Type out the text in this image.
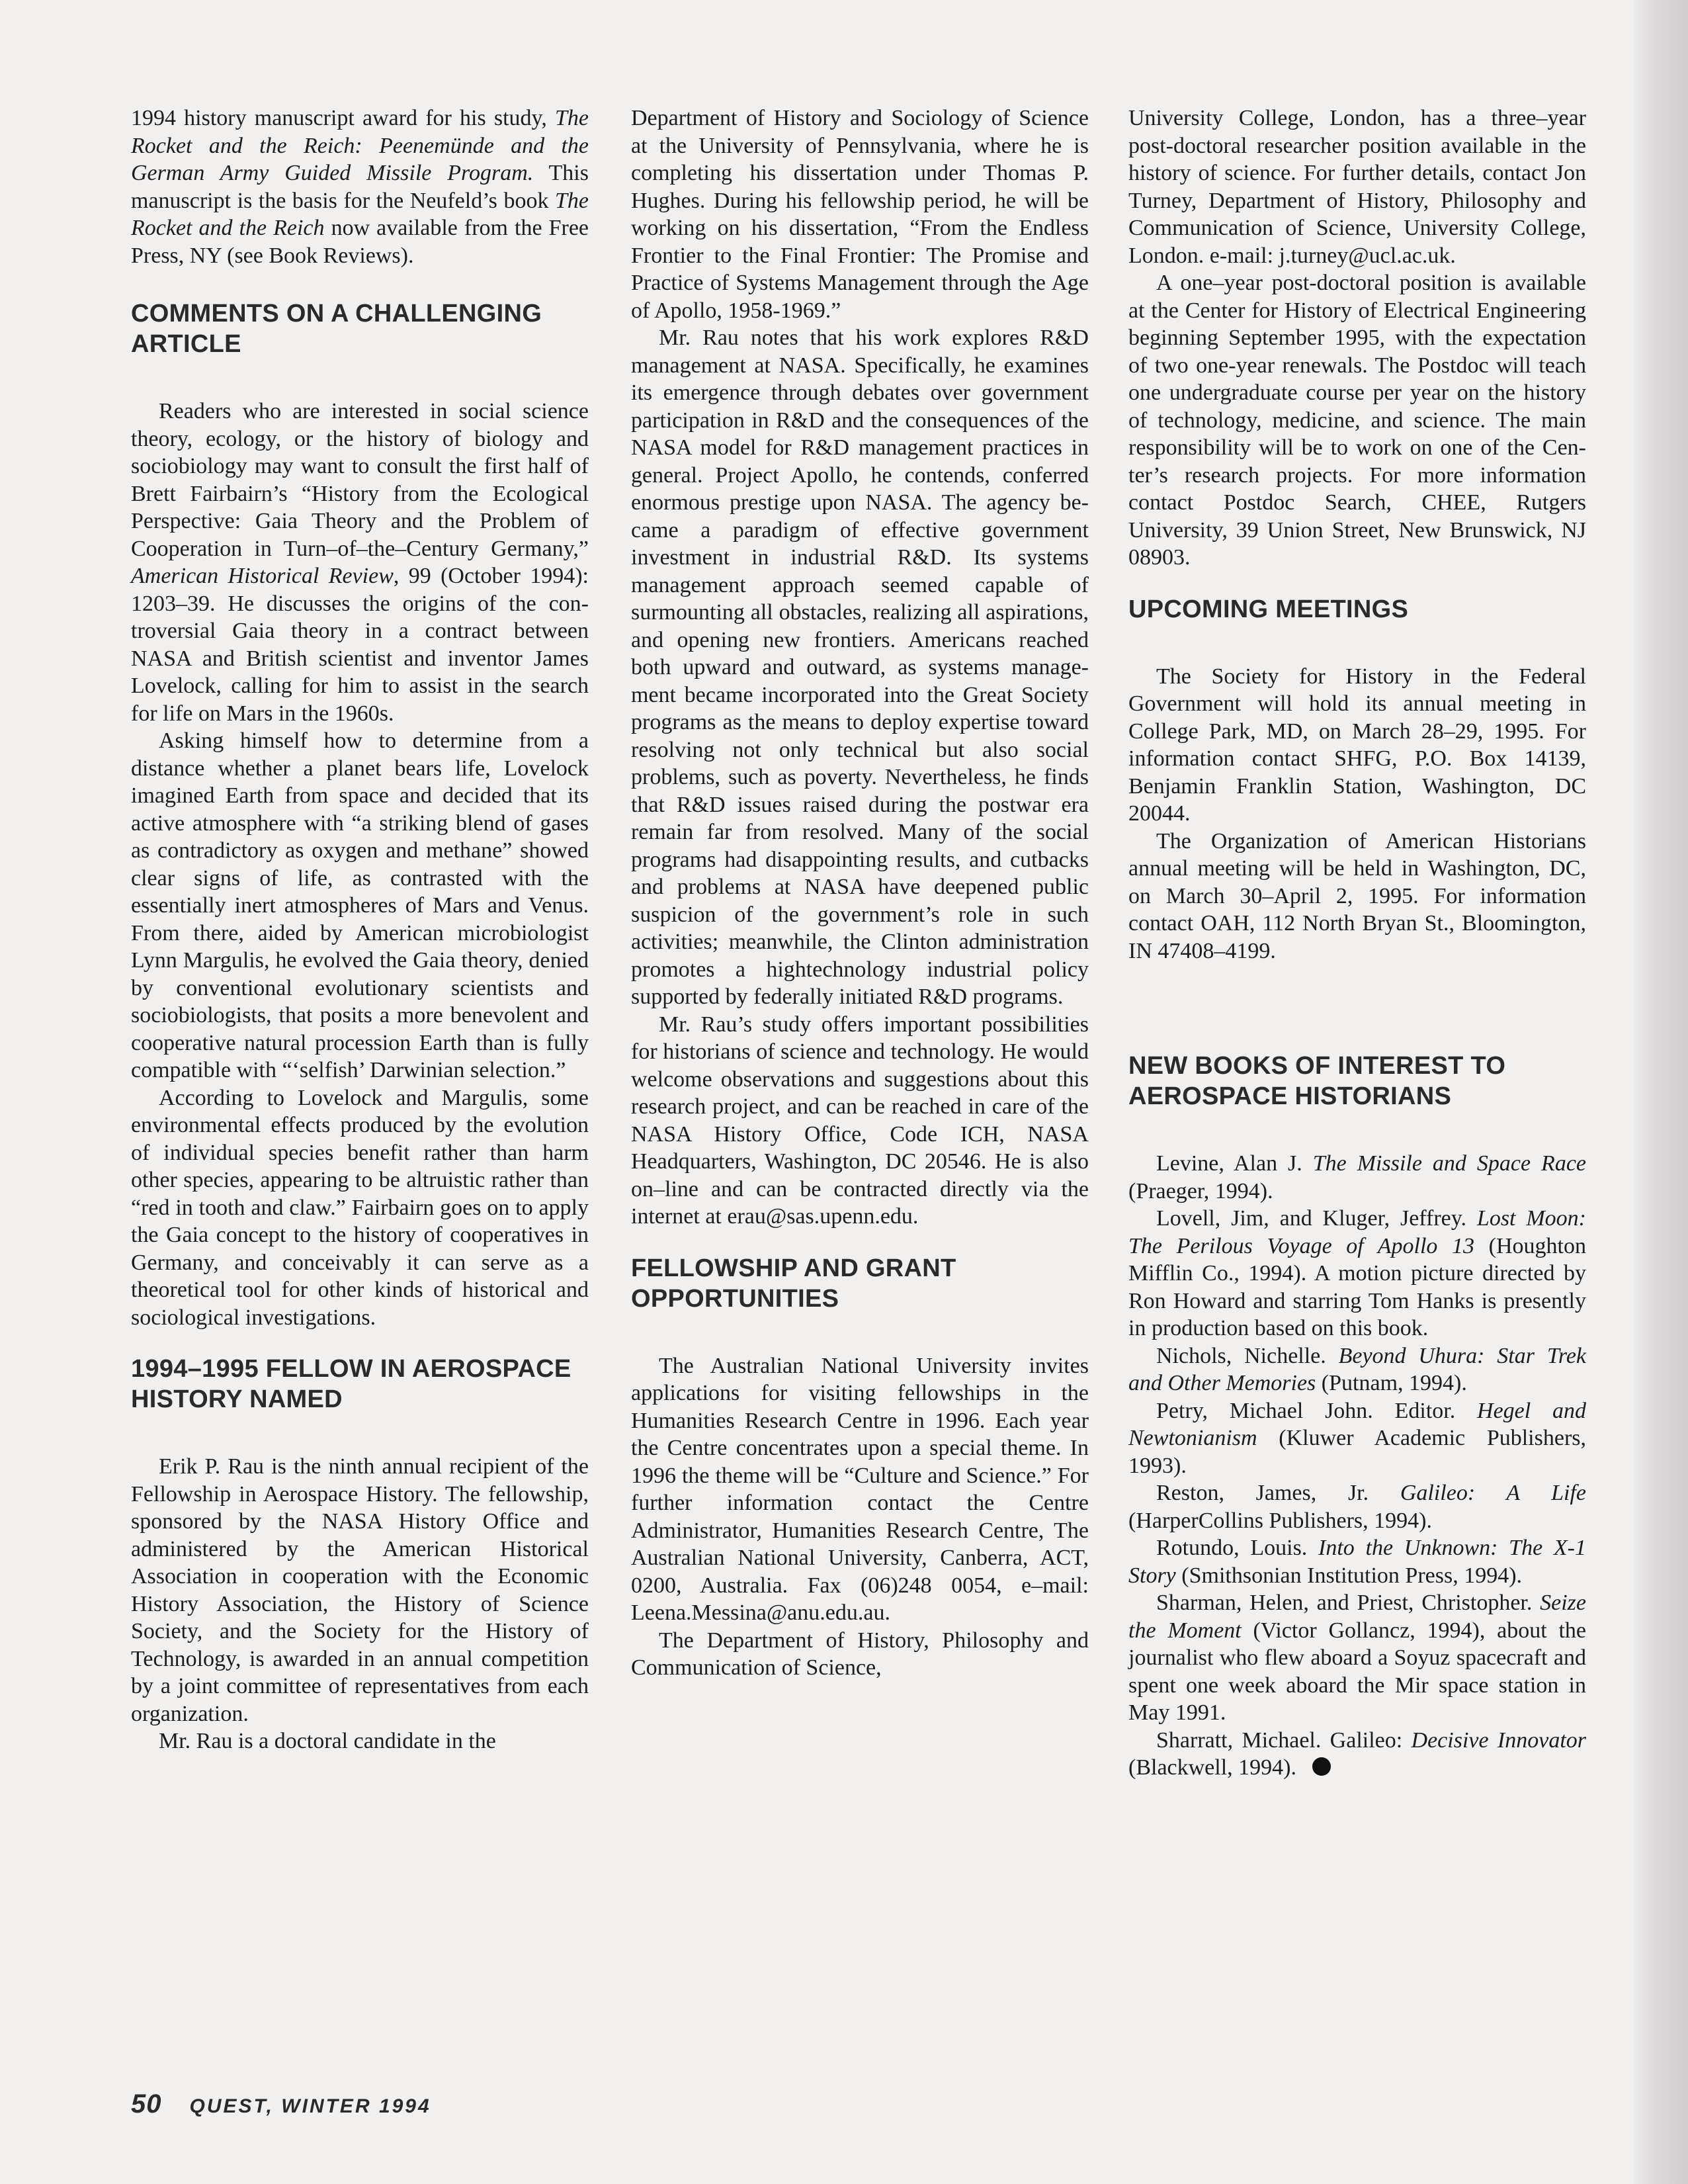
1994 history manuscript award for his study, The Rocket and the Reich: Peenemünde and the German Army Guided Missile Program. This manuscript is the basis for the Neufeld’s book The Rocket and the Reich now available from the Free Press, NY (see Book Reviews).

COMMENTS ON A CHALLENGING ARTICLE

Readers who are interested in social science theory, ecology, or the history of biology and sociobiology may want to consult the first half of Brett Fairbairn’s “History from the Ecological Perspective: Gaia Theory and the Problem of Cooperation in Turn–of–the–Century Germany,” American Historical Review, 99 (October 1994): 1203–39. He discusses the origins of the controversial Gaia theory in a contract between NASA and British scientist and inventor James Lovelock, calling for him to assist in the search for life on Mars in the 1960s.

Asking himself how to determine from a distance whether a planet bears life, Lovelock imagined Earth from space and decided that its active atmosphere with “a striking blend of gases as contradictory as oxygen and methane” showed clear signs of life, as contrasted with the essentially inert atmospheres of Mars and Venus. From there, aided by American microbiologist Lynn Margulis, he evolved the Gaia theory, denied by conventional evolutionary scientists and sociobiologists, that posits a more benevolent and cooperative natural procession Earth than is fully compatible with “‘selfish’ Darwinian selection.”

According to Lovelock and Margulis, some environmental effects produced by the evolution of individual species benefit rather than harm other species, appearing to be altruistic rather than “red in tooth and claw.” Fairbairn goes on to apply the Gaia concept to the history of cooperatives in Germany, and conceivably it can serve as a theoretical tool for other kinds of historical and sociological investigations.

1994–1995 FELLOW IN AEROSPACE HISTORY NAMED

Erik P. Rau is the ninth annual recipient of the Fellowship in Aerospace History. The fellowship, sponsored by the NASA History Office and administered by the American Historical Association in cooperation with the Economic History Association, the History of Science Society, and the Society for the History of Technology, is awarded in an annual competition by a joint committee of representatives from each organization.

Mr. Rau is a doctoral candidate in the

Department of History and Sociology of Science at the University of Pennsylvania, where he is completing his dissertation under Thomas P. Hughes. During his fellowship period, he will be working on his dissertation, “From the Endless Frontier to the Final Frontier: The Promise and Practice of Systems Management through the Age of Apollo, 1958-1969.”

Mr. Rau notes that his work explores R&D management at NASA. Specifically, he examines its emergence through debates over government participation in R&D and the consequences of the NASA model for R&D management practices in general. Project Apollo, he contends, conferred enormous prestige upon NASA. The agency became a paradigm of effective government investment in industrial R&D. Its systems management approach seemed capable of surmounting all obstacles, realizing all aspirations, and opening new frontiers. Americans reached both upward and outward, as systems management became incorporated into the Great Society programs as the means to deploy expertise toward resolving not only technical but also social problems, such as poverty. Nevertheless, he finds that R&D issues raised during the postwar era remain far from resolved. Many of the social programs had disappointing results, and cutbacks and problems at NASA have deepened public suspicion of the government’s role in such activities; meanwhile, the Clinton administration promotes a hightechnology industrial policy supported by federally initiated R&D programs.

Mr. Rau’s study offers important possibilities for historians of science and technology. He would welcome observations and suggestions about this research project, and can be reached in care of the NASA History Office, Code ICH, NASA Headquarters, Washington, DC 20546. He is also on–line and can be contracted directly via the internet at erau@sas.upenn.edu.

FELLOWSHIP AND GRANT OPPORTUNITIES

The Australian National University invites applications for visiting fellowships in the Humanities Research Centre in 1996. Each year the Centre concentrates upon a special theme. In 1996 the theme will be “Culture and Science.” For further information contact the Centre Administrator, Humanities Research Centre, The Australian National University, Canberra, ACT, 0200, Australia. Fax (06)248 0054, e–mail: Leena.Messina@anu.edu.au.

The Department of History, Philosophy and Communication of Science,

University College, London, has a three–year post-doctoral researcher position available in the history of science. For further details, contact Jon Turney, Department of History, Philosophy and Communication of Science, University College, London. e-mail: j.turney@ucl.ac.uk.

A one–year post-doctoral position is available at the Center for History of Electrical Engineering beginning September 1995, with the expectation of two one-year renewals. The Postdoc will teach one undergraduate course per year on the history of technology, medicine, and science. The main responsibility will be to work on one of the Center’s research projects. For more information contact Postdoc Search, CHEE, Rutgers University, 39 Union Street, New Brunswick, NJ 08903.

UPCOMING MEETINGS

The Society for History in the Federal Government will hold its annual meeting in College Park, MD, on March 28–29, 1995. For information contact SHFG, P.O. Box 14139, Benjamin Franklin Station, Washington, DC 20044.

The Organization of American Historians annual meeting will be held in Washington, DC, on March 30–April 2, 1995. For information contact OAH, 112 North Bryan St., Bloomington, IN 47408–4199.

NEW BOOKS OF INTEREST TO AEROSPACE HISTORIANS

Levine, Alan J. The Missile and Space Race (Praeger, 1994).

Lovell, Jim, and Kluger, Jeffrey. Lost Moon: The Perilous Voyage of Apollo 13 (Houghton Mifflin Co., 1994). A motion picture directed by Ron Howard and starring Tom Hanks is presently in production based on this book.

Nichols, Nichelle. Beyond Uhura: Star Trek and Other Memories (Putnam, 1994).

Petry, Michael John. Editor. Hegel and Newtonianism (Kluwer Academic Publishers, 1993).

Reston, James, Jr. Galileo: A Life (HarperCollins Publishers, 1994).

Rotundo, Louis. Into the Unknown: The X-1 Story (Smithsonian Institution Press, 1994).

Sharman, Helen, and Priest, Christopher. Seize the Moment (Victor Gollancz, 1994), about the journalist who flew aboard a Soyuz spacecraft and spent one week aboard the Mir space station in May 1991.

Sharratt, Michael. Galileo: Decisive Innovator (Blackwell, 1994).

50 QUEST, WINTER 1994
